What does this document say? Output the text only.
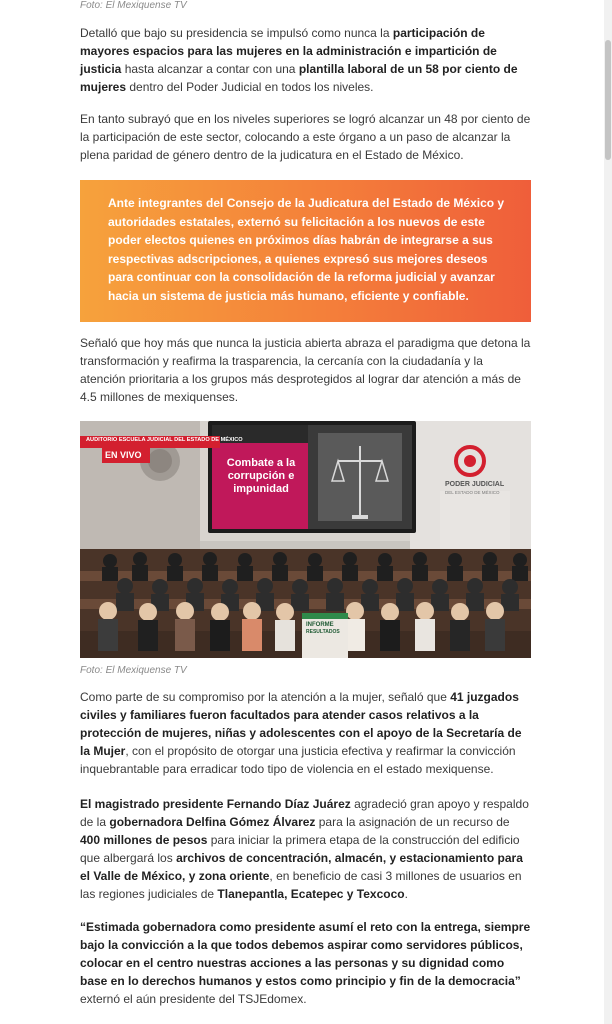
Foto: El Mexiquense TV

Detalló que bajo su presidencia se impulsó como nunca la participación de mayores espacios para las mujeres en la administración e impartición de justicia hasta alcanzar a contar con una plantilla laboral de un 58 por ciento de mujeres dentro del Poder Judicial en todos los niveles.

En tanto subrayó que en los niveles superiores se logró alcanzar un 48 por ciento de la participación de este sector, colocando a este órgano a un paso de alcanzar la plena paridad de género dentro de la judicatura en el Estado de México.

Ante integrantes del Consejo de la Judicatura del Estado de México y autoridades estatales, externó su felicitación a los nuevos de este poder electos quienes en próximos días habrán de integrarse a sus respectivas adscripciones, a quienes expresó sus mejores deseos para continuar con la consolidación de la reforma judicial y avanzar hacia un sistema de justicia más humano, eficiente y confiable.

Señaló que hoy más que nunca la justicia abierta abraza el paradigma que detona la transformación y reafirma la trasparencia, la cercanía con la ciudadanía y la atención prioritaria a los grupos más desprotegidos al lograr dar atención a más de 4.5 millones de mexiquenses.

AUDITORIO ESCUELA JUDICIAL DEL ESTADO DE MÉXICO
EN VIVO
Combate a la corrupción e impunidad	PODER JUDICIAL
DEL ESTADO DE MÉXICO
INFORME
RESULTADOS

Foto: El Mexiquense TV

Como parte de su compromiso por la atención a la mujer, señaló que 41 juzgados civiles y familiares fueron facultados para atender casos relativos a la protección de mujeres, niñas y adolescentes con el apoyo de la Secretaría de la Mujer, con el propósito de otorgar una justicia efectiva y reafirmar la convicción inquebrantable para erradicar todo tipo de violencia en el estado mexiquense.

El magistrado presidente Fernando Díaz Juárez agradeció gran apoyo y respaldo de la gobernadora Delfina Gómez Álvarez para la asignación de un recurso de 400 millones de pesos para iniciar la primera etapa de la construcción del edificio que albergará los archivos de concentración, almacén, y estacionamiento para el Valle de México, y zona oriente, en beneficio de casi 3 millones de usuarios en las regiones judiciales de Tlanepantla, Ecatepec y Texcoco.

“Estimada gobernadora como presidente asumí el reto con la entrega, siempre bajo la convicción a la que todos debemos aspirar como servidores públicos, colocar en el centro nuestras acciones a las personas y su dignidad como base en lo derechos humanos y estos como principio y fin de la democracia” externó el aún presidente del TSJEdomex.
